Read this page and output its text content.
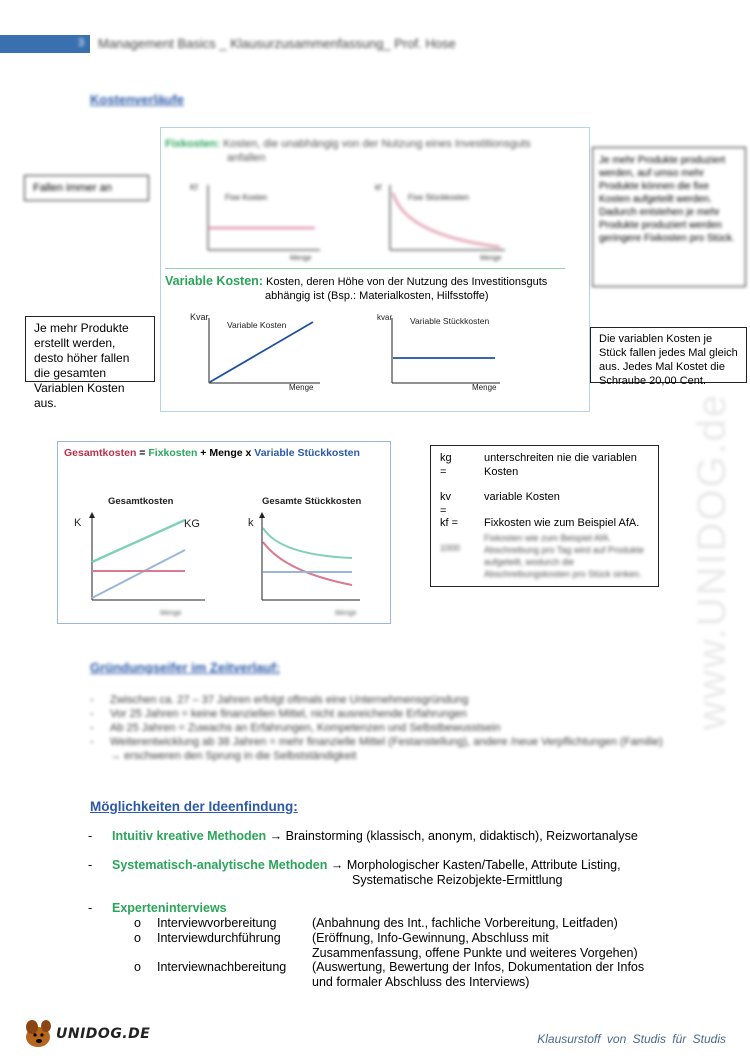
3 Management Basics _ Klausurzusammenfassung_ Prof. Hose
www.UNIDOG.de
Kostenverläufe
Fixkosten: Kosten, die unabhängig von der Nutzung eines Investitionsguts
anfallen
Kf
Fixe Kosten
Menge
kf
Fixe Stückkosten
Menge
Fallen immer an
Je mehr Produkte produziert werden, auf umso mehr Produkte können die fixe Kosten aufgeteilt werden. Dadurch entstehen je mehr Produkte produziert werden geringere Fixkosten pro Stück.
Variable Kosten: Kosten, deren Höhe von der Nutzung des Investitionsguts
abhängig ist (Bsp.: Materialkosten, Hilfsstoffe)
Kvar
Variable Kosten
Menge
kvar Variable Stückkosten
Menge
Je mehr Produkte erstellt werden, desto höher fallen die gesamten Variablen Kosten aus.
Die variablen Kosten je Stück fallen jedes Mal gleich aus. Jedes Mal Kostet die Schraube 20,00 Cent.
Gesamtkosten = Fixkosten + Menge x Variable Stückkosten
Gesamtkosten
K	KG
Menge
Gesamte Stückkosten
k
Menge
kg =
unterschreiten nie die variablen Kosten
kv =
variable Kosten
kf = Fixkosten wie zum Beispiel AfA.
1000
Fixkosten wie zum Beispiel AfA. Abschreibung pro Tag wird auf Produkte aufgeteilt, wodurch die Abschreibungskosten pro Stück sinken.
Gründungseifer im Zeitverlauf:
- Zwischen ca. 27 – 37 Jahren erfolgt oftmals eine Unternehmensgründung
- Vor 25 Jahren = keine finanziellen Mittel, nicht ausreichende Erfahrungen
- Ab 25 Jahren = Zuwachs an Erfahrungen, Kompetenzen und Selbstbewusstsein
- Weiterentwicklung ab 38 Jahren = mehr finanzielle Mittel (Festanstellung), andere /neue Verpflichtungen (Familie) → erschweren den Sprung in die Selbstständigkeit
Möglichkeiten der Ideenfindung:
- Intuitiv kreative Methoden → Brainstorming (klassisch, anonym, didaktisch), Reizwortanalyse
- Systematisch-analytische Methoden → Morphologischer Kasten/Tabelle, Attribute Listing,
Systematische Reizobjekte-Ermittlung
- Experteninterviews
o Interviewvorbereitung	(Anbahnung des Int., fachliche Vorbereitung, Leitfaden)
o Interviewdurchführung	(Eröffnung, Info-Gewinnung, Abschluss mit Zusammenfassung, offene Punkte und weiteres Vorgehen)
o Interviewnachbereitung (Auswertung, Bewertung der Infos, Dokumentation der Infos und formaler Abschluss des Interviews)
UNIDOG.DE	Klausurstoff von Studis für Studis
